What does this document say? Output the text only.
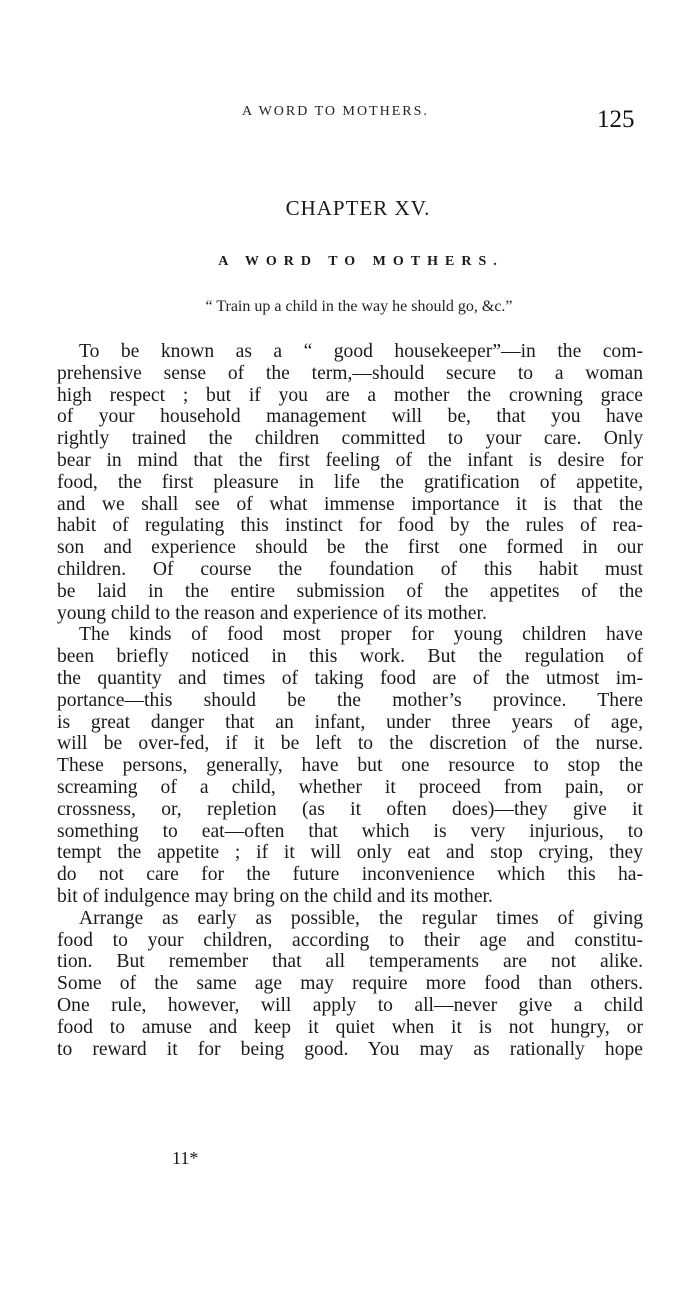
A WORD TO MOTHERS.	125
CHAPTER XV.
A WORD TO MOTHERS.
“ Train up a child in the way he should go, &c.”
To be known as a “ good housekeeper”—in the com-
prehensive sense of the term,—should secure to a woman
high respect ; but if you are a mother the crowning grace
of your household management will be, that you have
rightly trained the children committed to your care. Only
bear in mind that the first feeling of the infant is desire for
food, the first pleasure in life the gratification of appetite,
and we shall see of what immense importance it is that the
habit of regulating this instinct for food by the rules of rea-
son and experience should be the first one formed in our
children. Of course the foundation of this habit must
be laid in the entire submission of the appetites of the
young child to the reason and experience of its mother.
The kinds of food most proper for young children have
been briefly noticed in this work. But the regulation of
the quantity and times of taking food are of the utmost im-
portance—this should be the mother’s province. There
is great danger that an infant, under three years of age,
will be over-fed, if it be left to the discretion of the nurse.
These persons, generally, have but one resource to stop the
screaming of a child, whether it proceed from pain, or
crossness, or, repletion (as it often does)—they give it
something to eat—often that which is very injurious, to
tempt the appetite ; if it will only eat and stop crying, they
do not care for the future inconvenience which this ha-
bit of indulgence may bring on the child and its mother.
Arrange as early as possible, the regular times of giving
food to your children, according to their age and constitu-
tion. But remember that all temperaments are not alike.
Some of the same age may require more food than others.
One rule, however, will apply to all—never give a child
food to amuse and keep it quiet when it is not hungry, or
to reward it for being good. You may as rationally hope
11*
